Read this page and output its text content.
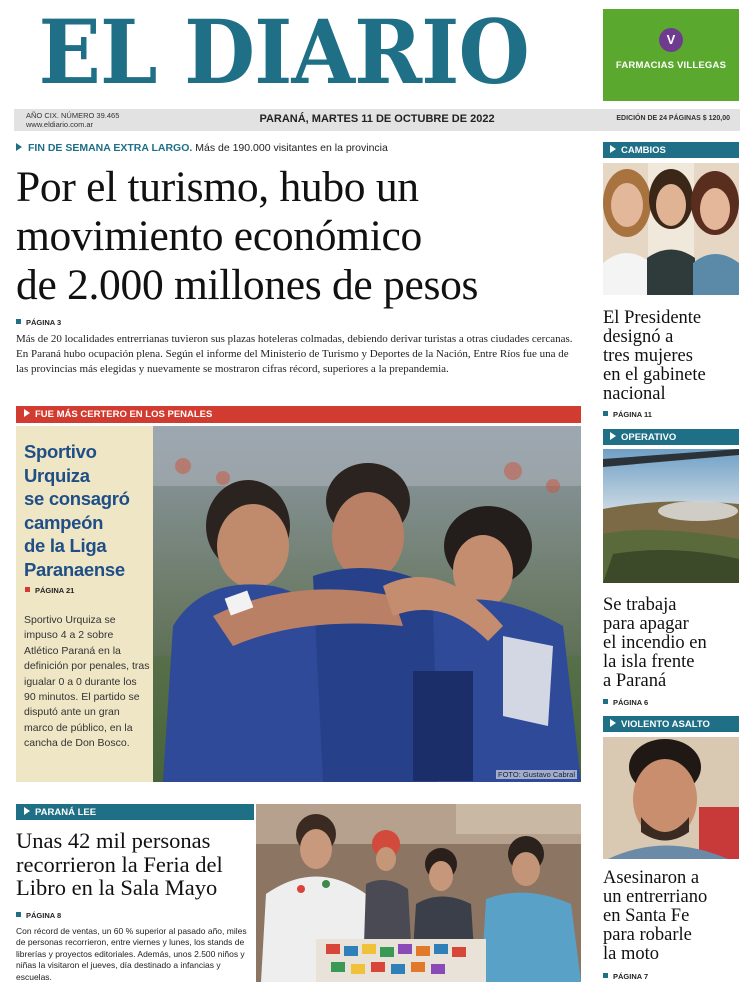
EL DIARIO	V
FARMACIAS VILLEGAS
AÑO CIX. NÚMERO 39.465
www.eldiario.com.ar	PARANÁ, MARTES 11 DE OCTUBRE DE 2022	EDICIÓN DE 24 PÁGINAS $ 120,00
FIN DE SEMANA EXTRA LARGO. Más de 190.000 visitantes en la provincia
Por el turismo, hubo un
movimiento económico
de 2.000 millones de pesos
PÁGINA 3

Más de 20 localidades entrerrianas tuvieron sus plazas hoteleras colmadas, debiendo derivar turistas a otras ciudades cercanas. En Paraná hubo ocupación plena. Según el informe del Ministerio de Turismo y Deportes de la Nación, Entre Ríos fue una de las provincias más elegidas y nuevamente se mostraron cifras récord, superiores a la prepandemia.

FUE MÁS CERTERO EN LOS PENALES
Sportivo
Urquiza
se consagró
campeón
de la Liga
Paranaense
PÁGINA 21

Sportivo Urquiza se impuso 4 a 2 sobre Atlético Paraná en la definición por penales, tras igualar 0 a 0 durante los 90 minutos. El partido se disputó ante un gran marco de público, en la cancha de Don Bosco.

FOTO: Gustavo Cabral
PARANÁ LEE
Unas 42 mil personas recorrieron la Feria del Libro en la Sala Mayo
PÁGINA 8

Con récord de ventas, un 60 % superior al pasado año, miles de personas recorrieron, entre viernes y lunes, los stands de librerías y proyectos editoriales. Además, unos 2.500 niños y niñas la visitaron el jueves, día destinado a infancias y escuelas.

CAMBIOS
El Presidente
designó a
tres mujeres
en el gabinete
nacional
PÁGINA 11
OPERATIVO
Se trabaja
para apagar
el incendio en
la isla frente
a Paraná
PÁGINA 6
VIOLENTO ASALTO
Asesinaron a
un entrerriano
en Santa Fe
para robarle
la moto
PÁGINA 7
